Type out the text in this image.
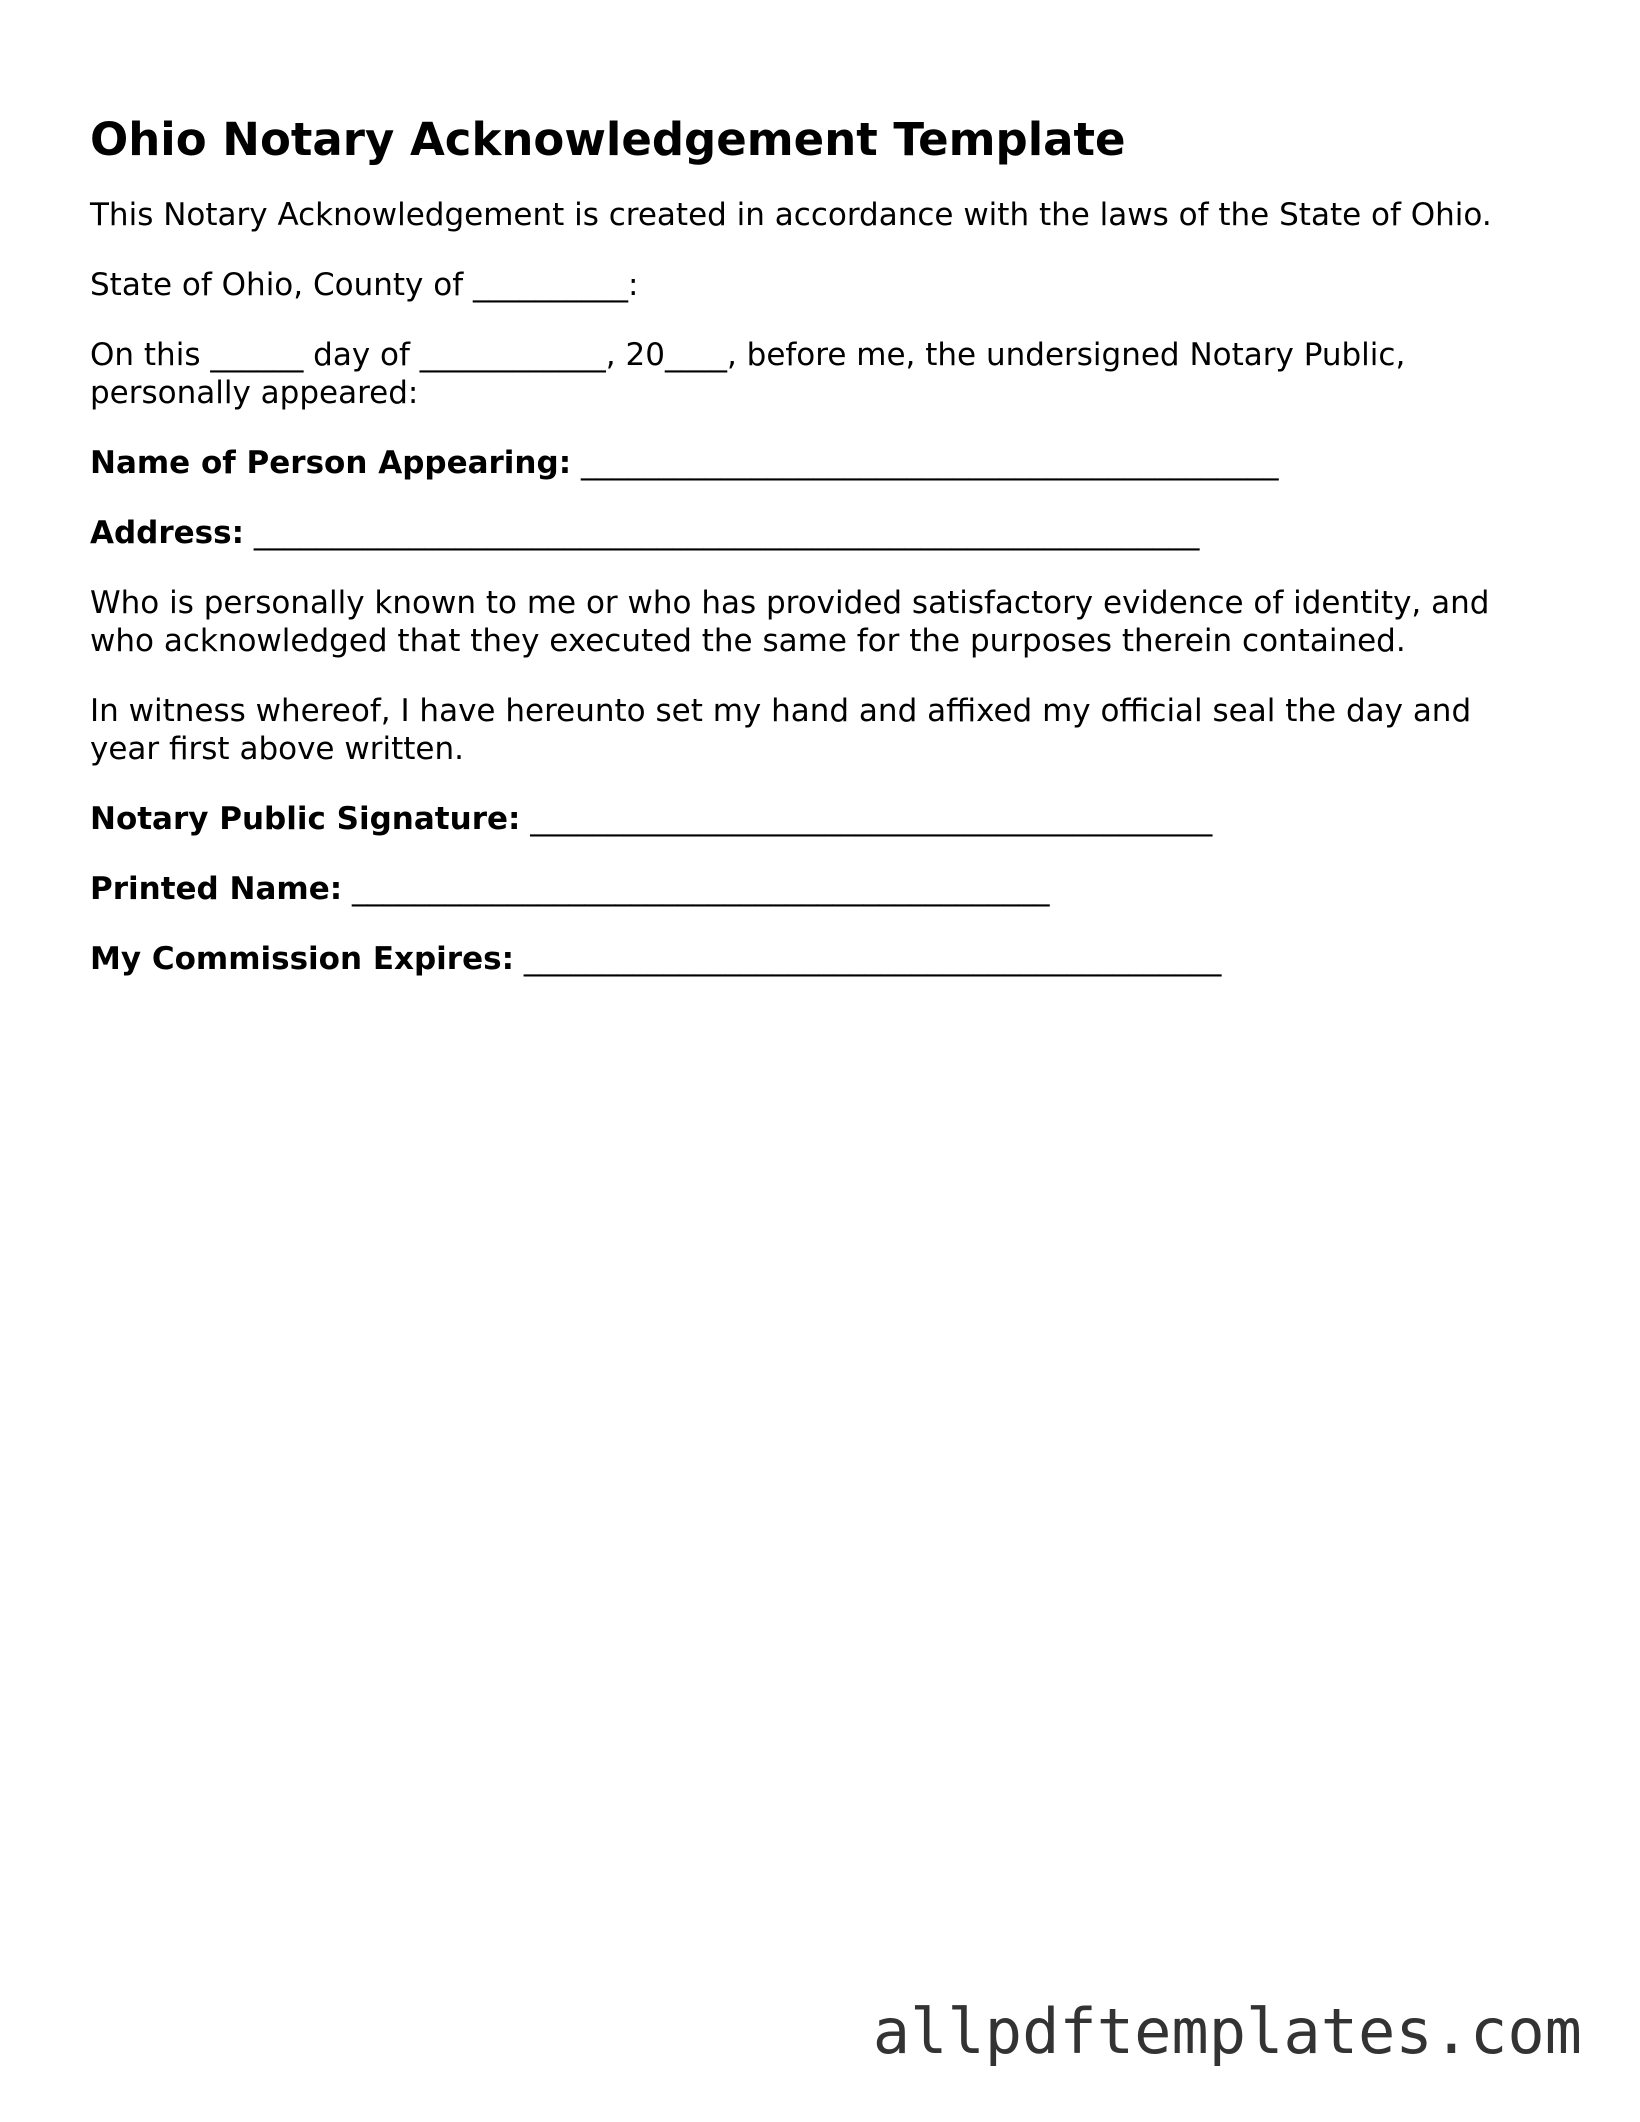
Ohio Notary Acknowledgement Template

This Notary Acknowledgement is created in accordance with the laws of the State of Ohio.

State of Ohio, County of __________:

On this ______ day of ____________, 20____, before me, the undersigned Notary Public,
personally appeared:

Name of Person Appearing: _____________________________________________
Address: _____________________________________________________________

Who is personally known to me or who has provided satisfactory evidence of identity, and
who acknowledged that they executed the same for the purposes therein contained.

In witness whereof, I have hereunto set my hand and affixed my official seal the day and
year first above written.

Notary Public Signature: ____________________________________________
Printed Name: _____________________________________________
My Commission Expires: _____________________________________________
allpdftemplates.com
